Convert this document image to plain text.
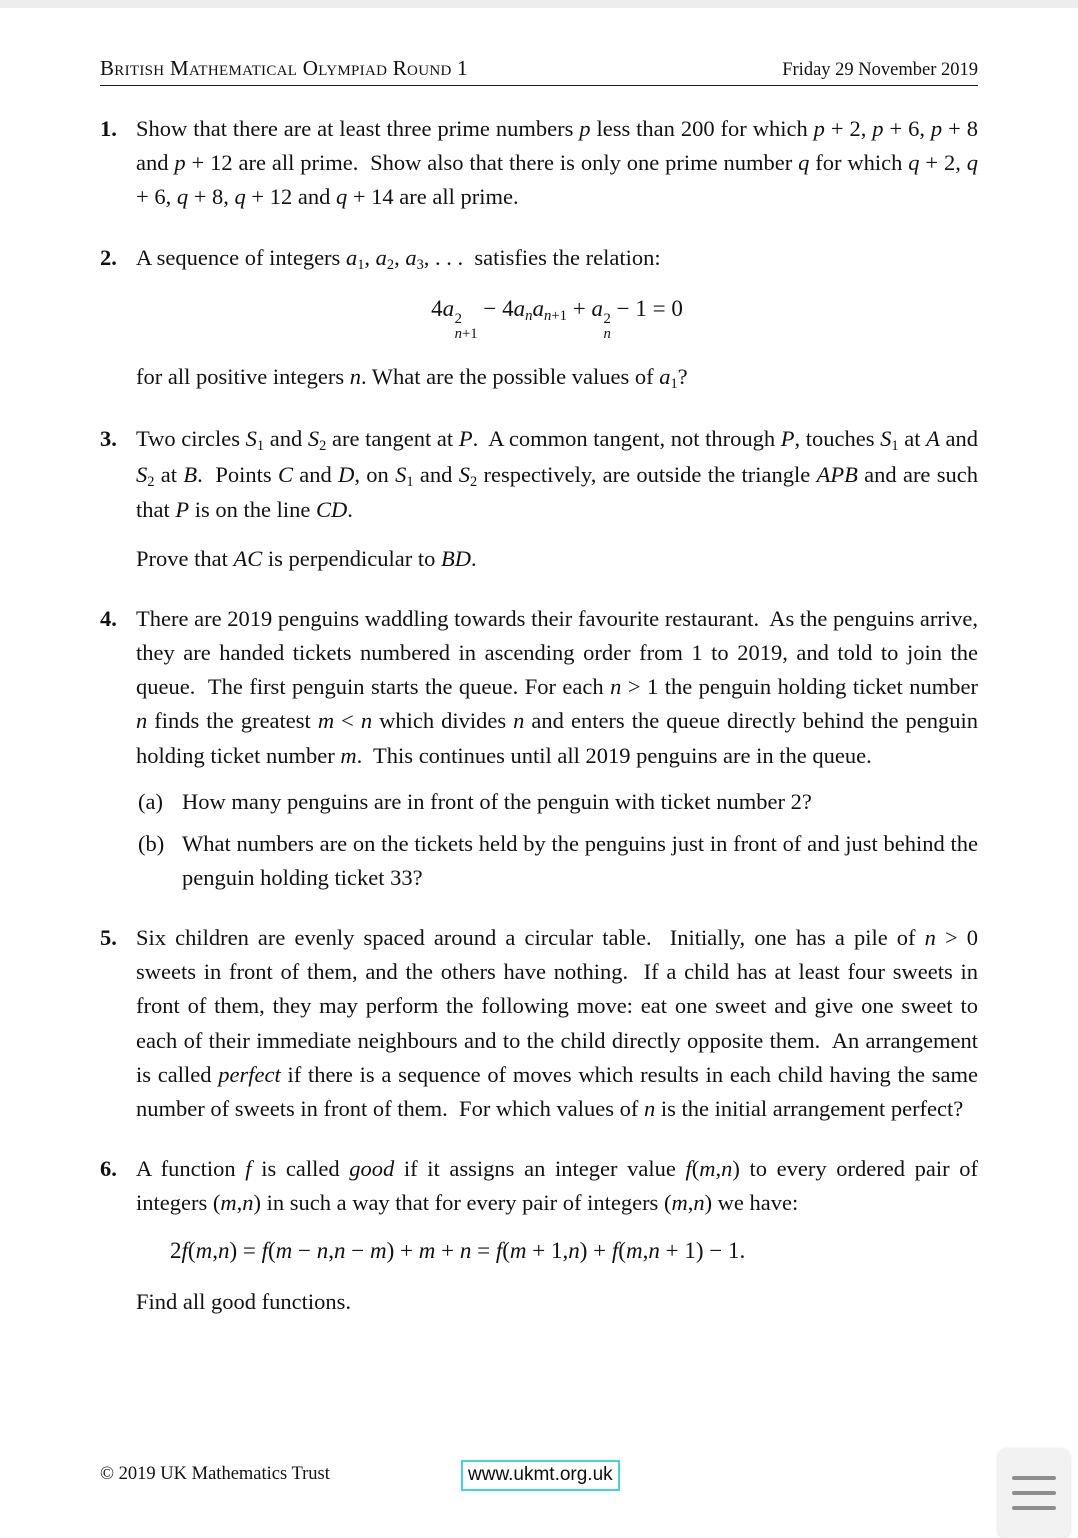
British Mathematical Olympiad Round 1	Friday 29 November 2019
1. Show that there are at least three prime numbers p less than 200 for which p + 2, p + 6, p + 8 and p + 12 are all prime.  Show also that there is only one prime number q for which q + 2, q + 6, q + 8, q + 12 and q + 14 are all prime.
2. A sequence of integers $a_1$, $a_2$, $a_3$, . . .  satisfies the relation:
4a 2
n+1
− $4a_na_{n+1} + a$ 2
n
− 1 = 0
for all positive integers n. What are the possible values of $a_1$?
3. Two circles $S_1$ and $S_2$ are tangent at P.  A common tangent, not through P, touches $S_1$ at A and $S_2$ at B.  Points C and D, on $S_1$ and $S_2$ respectively, are outside the triangle APB and are such that P is on the line CD.
Prove that AC is perpendicular to BD.
4. There are 2019 penguins waddling towards their favourite restaurant.  As the penguins arrive, they are handed tickets numbered in ascending order from 1 to 2019, and told to join the queue.  The first penguin starts the queue. For each n > 1 the penguin holding ticket number n finds the greatest m < n which divides n and enters the queue directly behind the penguin holding ticket number m.  This continues until all 2019 penguins are in the queue.
(a) How many penguins are in front of the penguin with ticket number 2?
(b) What numbers are on the tickets held by the penguins just in front of and just behind the penguin holding ticket 33?
5. Six children are evenly spaced around a circular table.  Initially, one has a pile of n > 0 sweets in front of them, and the others have nothing.  If a child has at least four sweets in front of them, they may perform the following move: eat one sweet and give one sweet to each of their immediate neighbours and to the child directly opposite them.  An arrangement is called perfect if there is a sequence of moves which results in each child having the same number of sweets in front of them.  For which values of n is the initial arrangement perfect?
6. A function f is called good if it assigns an integer value f(m,n) to every ordered pair of integers (m,n) in such a way that for every pair of integers (m,n) we have:
2f(m,n) = f(m − n,n − m) + m + n = f(m + 1,n) + f(m,n + 1) − 1.
Find all good functions.
© 2019 UK Mathematics Trust	www.ukmt.org.uk
